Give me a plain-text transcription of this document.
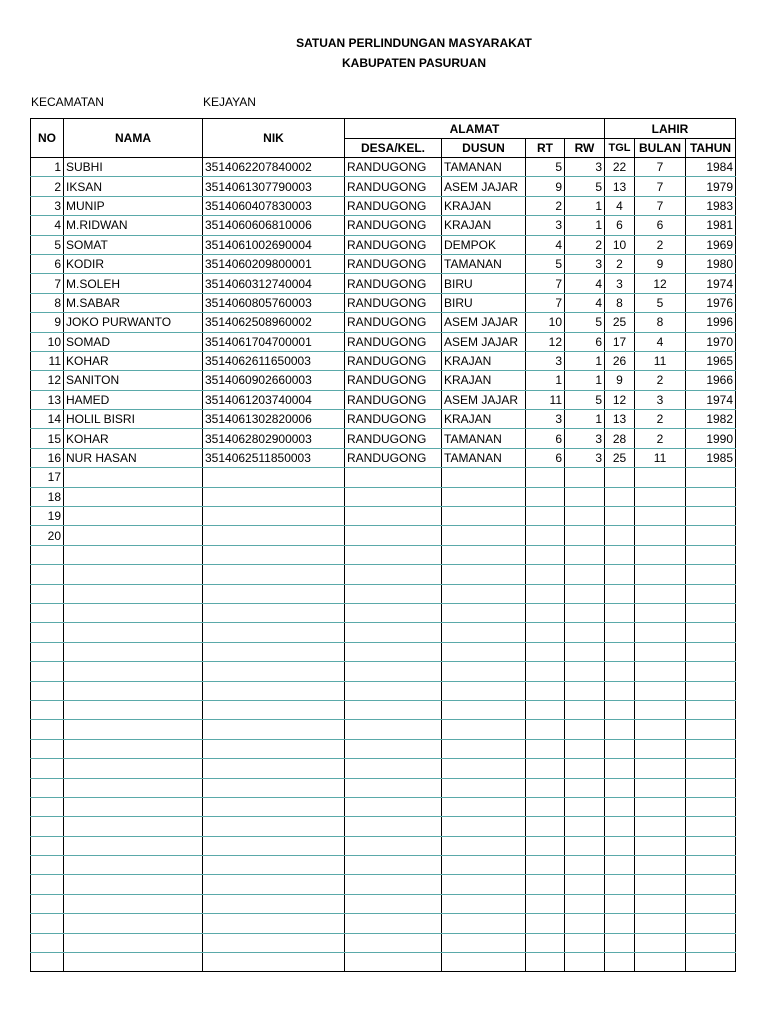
SATUAN PERLINDUNGAN MASYARAKAT
KABUPATEN PASURUAN
KECAMATAN	KEJAYAN
NO	NAMA	NIK	ALAMAT				LAHIR		
			DESA/KEL.	DUSUN	RT	RW	TGL	BULAN	TAHUN
1	SUBHI	3514062207840002	RANDUGONG	TAMANAN	5	3	22	7	1984
2	IKSAN	3514061307790003	RANDUGONG	ASEM JAJAR	9	5	13	7	1979
3	MUNIP	3514060407830003	RANDUGONG	KRAJAN	2	1	4	7	1983
4	M.RIDWAN	3514060606810006	RANDUGONG	KRAJAN	3	1	6	6	1981
5	SOMAT	3514061002690004	RANDUGONG	DEMPOK	4	2	10	2	1969
6	KODIR	3514060209800001	RANDUGONG	TAMANAN	5	3	2	9	1980
7	M.SOLEH	3514060312740004	RANDUGONG	BIRU	7	4	3	12	1974
8	M.SABAR	3514060805760003	RANDUGONG	BIRU	7	4	8	5	1976
9	JOKO PURWANTO	3514062508960002	RANDUGONG	ASEM JAJAR	10	5	25	8	1996
10	SOMAD	3514061704700001	RANDUGONG	ASEM JAJAR	12	6	17	4	1970
11	KOHAR	3514062611650003	RANDUGONG	KRAJAN	3	1	26	11	1965
12	SANITON	3514060902660003	RANDUGONG	KRAJAN	1	1	9	2	1966
13	HAMED	3514061203740004	RANDUGONG	ASEM JAJAR	11	5	12	3	1974
14	HOLIL BISRI	3514061302820006	RANDUGONG	KRAJAN	3	1	13	2	1982
15	KOHAR	3514062802900003	RANDUGONG	TAMANAN	6	3	28	2	1990
16	NUR HASAN	3514062511850003	RANDUGONG	TAMANAN	6	3	25	11	1985
17									
18									
19									
20									
